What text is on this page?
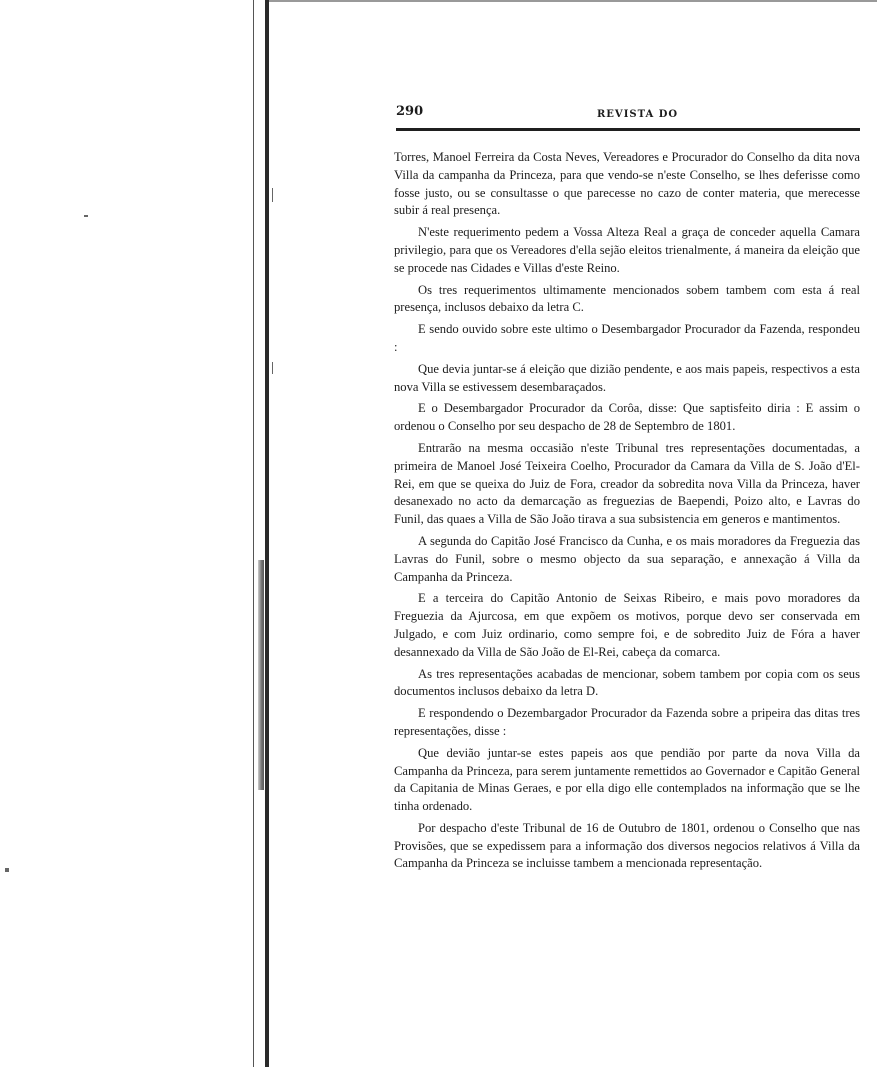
290	REVISTA DO

Torres, Manoel Ferreira da Costa Neves, Vereadores e Procurador do Conselho da dita nova Villa da campanha da Princeza, para que vendo-se n'este Conselho, se lhes deferisse como fosse justo, ou se consultasse o que parecesse no cazo de conter materia, que merecesse subir á real presença.

N'este requerimento pedem a Vossa Alteza Real a graça de conceder aquella Camara privilegio, para que os Vereadores d'ella sejão eleitos trienalmente, á maneira da eleição que se procede nas Cidades e Villas d'este Reino.

Os tres requerimentos ultimamente mencionados sobem tambem com esta á real presença, inclusos debaixo da letra C.

E sendo ouvido sobre este ultimo o Desembargador Procurador da Fazenda, respondeu :

Que devia juntar-se á eleição que dizião pendente, e aos mais papeis, respectivos a esta nova Villa se estivessem desembaraçados.

E o Desembargador Procurador da Corôa, disse: Que saptisfeito diria : E assim o ordenou o Conselho por seu despacho de 28 de Septembro de 1801.

Entrarão na mesma occasião n'este Tribunal tres representações documentadas, a primeira de Manoel José Teixeira Coelho, Procurador da Camara da Villa de S. João d'El-Rei, em que se queixa do Juiz de Fora, creador da sobredita nova Villa da Princeza, haver desanexado no acto da demarcação as freguezias de Baependi, Poizo alto, e Lavras do Funil, das quaes a Villa de São João tirava a sua subsistencia em generos e mantimentos.

A segunda do Capitão José Francisco da Cunha, e os mais moradores da Freguezia das Lavras do Funil, sobre o mesmo objecto da sua separação, e annexação á Villa da Campanha da Princeza.

E a terceira do Capitão Antonio de Seixas Ribeiro, e mais povo moradores da Freguezia da Ajurcosa, em que expõem os motivos, porque devo ser conservada em Julgado, e com Juiz ordinario, como sempre foi, e de sobredito Juiz de Fóra a haver desannexado da Villa de São João de El-Rei, cabeça da comarca.

As tres representações acabadas de mencionar, sobem tambem por copia com os seus documentos inclusos debaixo da letra D.

E respondendo o Dezembargador Procurador da Fazenda sobre a pripeira das ditas tres representações, disse :

Que devião juntar-se estes papeis aos que pendião por parte da nova Villa da Campanha da Princeza, para serem juntamente remettidos ao Governador e Capitão General da Capitania de Minas Geraes, e por ella digo elle contemplados na informação que se lhe tinha ordenado.

Por despacho d'este Tribunal de 16 de Outubro de 1801, ordenou o Conselho que nas Provisões, que se expedissem para a informação dos diversos negocios relativos á Villa da Campanha da Princeza se incluisse tambem a mencionada representação.
